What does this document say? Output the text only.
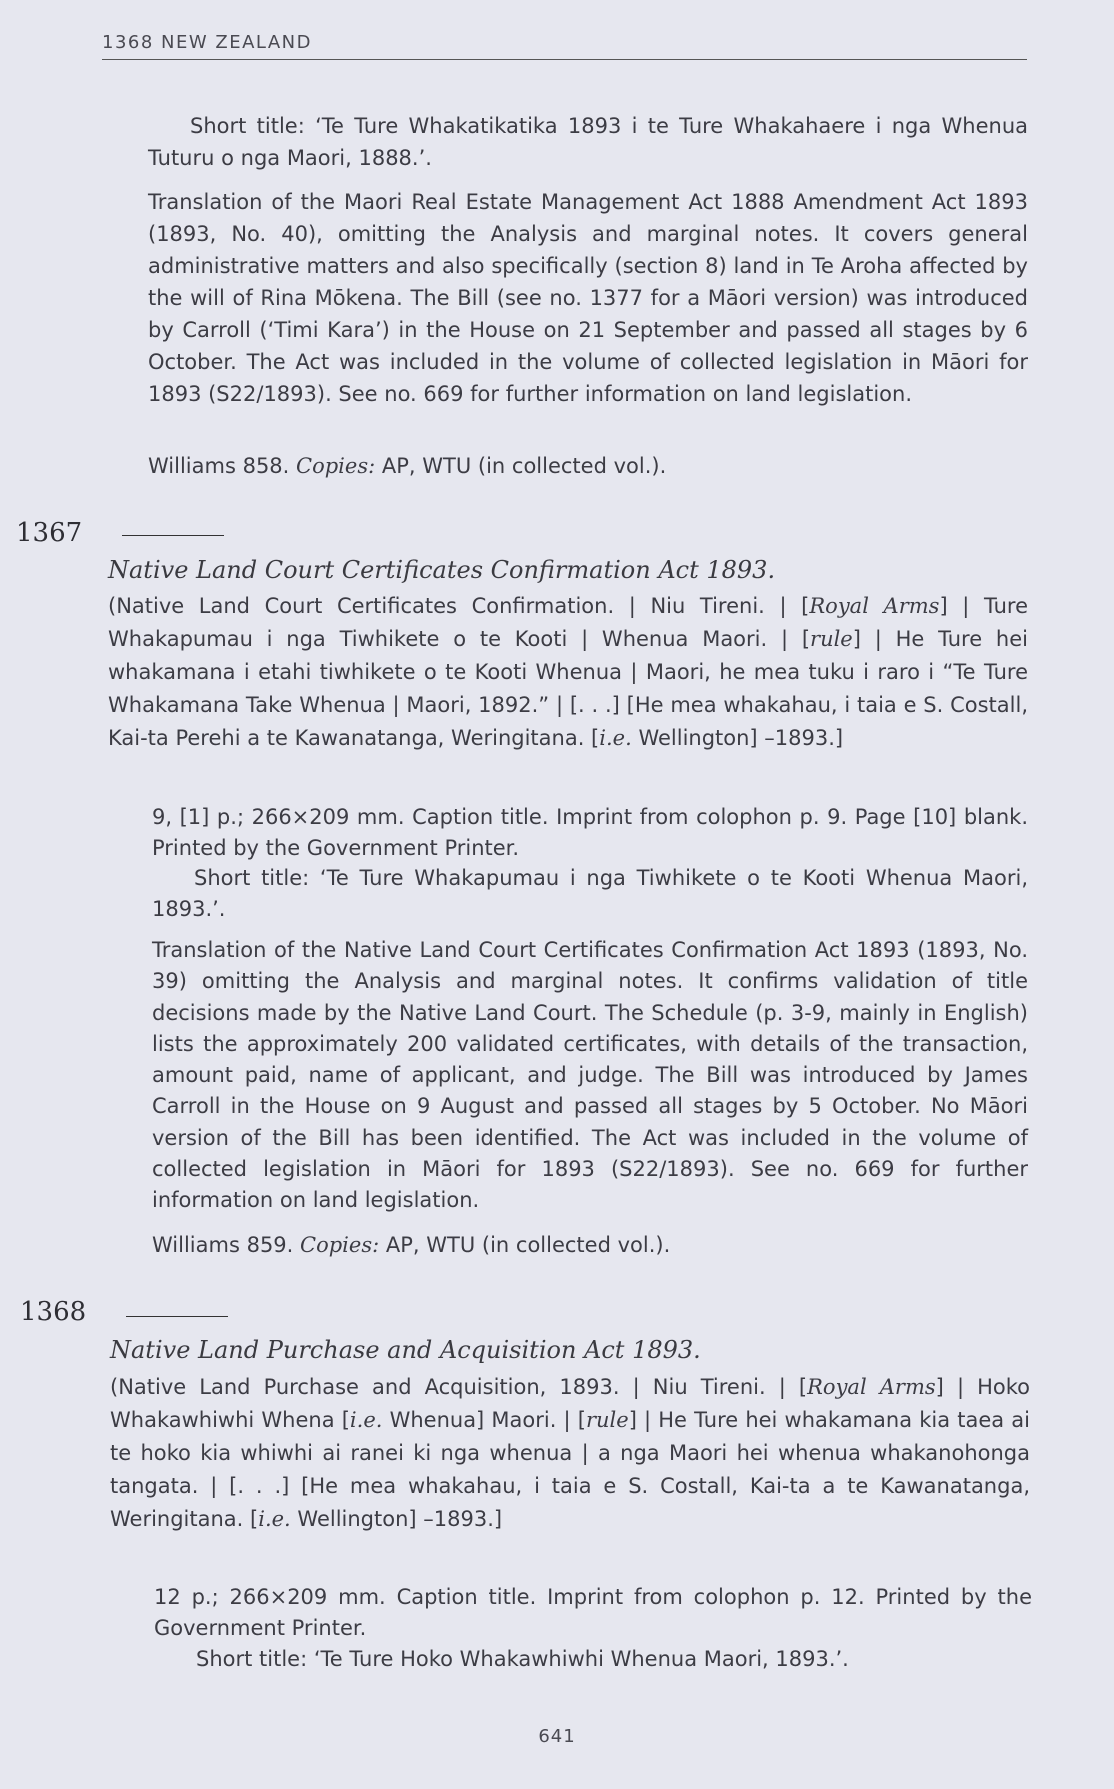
1368 NEW ZEALAND
Short title: ‘Te Ture Whakatikatika 1893 i te Ture Whakahaere i nga Whenua Tuturu o nga Maori, 1888.’.
Translation of the Maori Real Estate Management Act 1888 Amendment Act 1893 (1893, No. 40), omitting the Analysis and marginal notes. It covers general administrative matters and also specifically (section 8) land in Te Aroha affected by the will of Rina Mōkena. The Bill (see no. 1377 for a Māori version) was introduced by Carroll (‘Timi Kara’) in the House on 21 September and passed all stages by 6 October. The Act was included in the volume of collected legislation in Māori for 1893 (S22/1893). See no. 669 for further information on land legislation.
Williams 858. Copies: AP, WTU (in collected vol.).
1367
Native Land Court Certificates Confirmation Act 1893.
(Native Land Court Certificates Confirmation. | Niu Tireni. | [Royal Arms] | Ture Whakapumau i nga Tiwhikete o te Kooti | Whenua Maori. | [rule] | He Ture hei whakamana i etahi tiwhikete o te Kooti Whenua | Maori, he mea tuku i raro i “Te Ture Whakamana Take Whenua | Maori, 1892.” | [. . .] [He mea whakahau, i taia e S. Costall, Kai-ta Perehi a te Kawanatanga, Weringitana. [i.e. Wellington] –1893.]
9, [1] p.; 266×209 mm. Caption title. Imprint from colophon p. 9. Page [10] blank. Printed by the Government Printer.
Short title: ‘Te Ture Whakapumau i nga Tiwhikete o te Kooti Whenua Maori, 1893.’.
Translation of the Native Land Court Certificates Confirmation Act 1893 (1893, No. 39) omitting the Analysis and marginal notes. It confirms validation of title decisions made by the Native Land Court. The Schedule (p. 3-9, mainly in English) lists the approximately 200 validated certificates, with details of the transaction, amount paid, name of applicant, and judge. The Bill was introduced by James Carroll in the House on 9 August and passed all stages by 5 October. No Māori version of the Bill has been identified. The Act was included in the volume of collected legislation in Māori for 1893 (S22/1893). See no. 669 for further information on land legislation.
Williams 859. Copies: AP, WTU (in collected vol.).
1368
Native Land Purchase and Acquisition Act 1893.
(Native Land Purchase and Acquisition, 1893. | Niu Tireni. | [Royal Arms] | Hoko Whakawhiwhi Whena [i.e. Whenua] Maori. | [rule] | He Ture hei whakamana kia taea ai te hoko kia whiwhi ai ranei ki nga whenua | a nga Maori hei whenua whakanohonga tangata. | [. . .] [He mea whakahau, i taia e S. Costall, Kai-ta a te Kawanatanga, Weringitana. [i.e. Wellington] –1893.]
12 p.; 266×209 mm. Caption title. Imprint from colophon p. 12. Printed by the Government Printer.
Short title: ‘Te Ture Hoko Whakawhiwhi Whenua Maori, 1893.’.
641
